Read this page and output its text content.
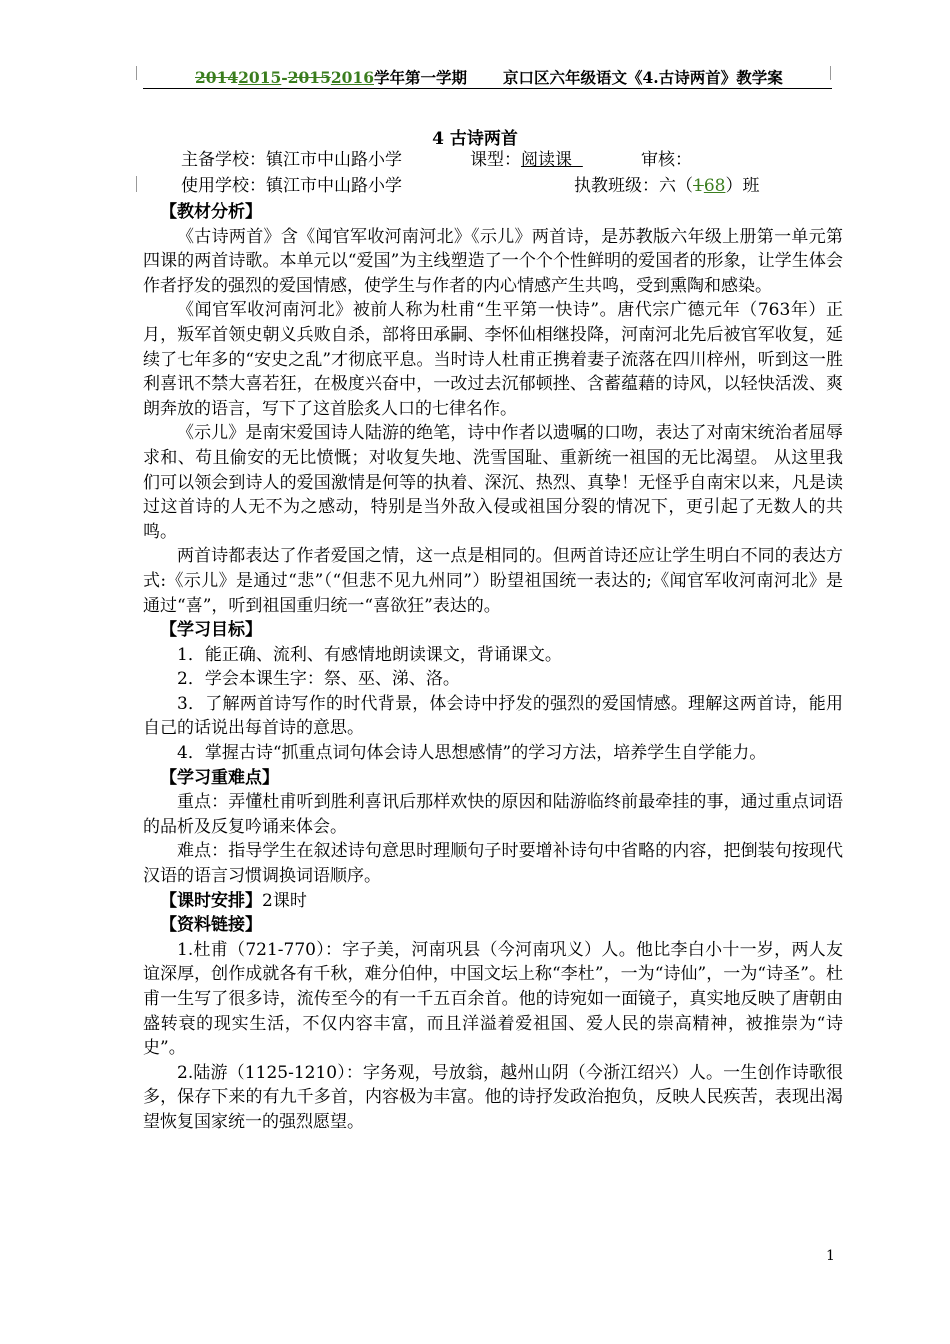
20142015-20152016学年第一学期 京口区六年级语文《4.古诗两首》教学案
4 古诗两首
主备学校：镇江市中山路小学	课型：阅读课	审核：
使用学校：镇江市中山路小学	执教班级：六（168）班
【教材分析】

《古诗两首》含《闻官军收河南河北》《示儿》两首诗，是苏教版六年级上册第一单元第四课的两首诗歌。本单元以“爱国”为主线塑造了一个个个性鲜明的爱国者的形象，让学生体会作者抒发的强烈的爱国情感，使学生与作者的内心情感产生共鸣，受到熏陶和感染。

《闻官军收河南河北》被前人称为杜甫“生平第一快诗”。唐代宗广德元年（763年）正月，叛军首领史朝义兵败自杀，部将田承嗣、李怀仙相继投降，河南河北先后被官军收复，延续了七年多的“安史之乱”才彻底平息。当时诗人杜甫正携着妻子流落在四川梓州，听到这一胜利喜讯不禁大喜若狂，在极度兴奋中，一改过去沉郁顿挫、含蓄蕴藉的诗风，以轻快活泼、爽朗奔放的语言，写下了这首脍炙人口的七律名作。

《示儿》是南宋爱国诗人陆游的绝笔，诗中作者以遗嘱的口吻，表达了对南宋统治者屈辱求和、苟且偷安的无比愤慨；对收复失地、洗雪国耻、重新统一祖国的无比渴望。 从这里我们可以领会到诗人的爱国激情是何等的执着、深沉、热烈、真挚！无怪乎自南宋以来，凡是读过这首诗的人无不为之感动，特别是当外敌入侵或祖国分裂的情况下，更引起了无数人的共鸣。

两首诗都表达了作者爱国之情，这一点是相同的。但两首诗还应让学生明白不同的表达方式:《示儿》是通过“悲”（“但悲不见九州同”）盼望祖国统一表达的;《闻官军收河南河北》是通过“喜”，听到祖国重归统一“喜欲狂”表达的。

【学习目标】

1．能正确、流利、有感情地朗读课文，背诵课文。

2．学会本课生字：祭、巫、涕、洛。

3．了解两首诗写作的时代背景，体会诗中抒发的强烈的爱国情感。理解这两首诗，能用自己的话说出每首诗的意思。

4．掌握古诗“抓重点词句体会诗人思想感情”的学习方法，培养学生自学能力。

【学习重难点】

重点：弄懂杜甫听到胜利喜讯后那样欢快的原因和陆游临终前最牵挂的事，通过重点词语的品析及反复吟诵来体会。

难点：指导学生在叙述诗句意思时理顺句子时要增补诗句中省略的内容，把倒装句按现代汉语的语言习惯调换词语顺序。

【课时安排】2课时
【资料链接】

1.杜甫（721-770）：字子美，河南巩县（今河南巩义）人。他比李白小十一岁，两人友谊深厚，创作成就各有千秋，难分伯仲，中国文坛上称“李杜”，一为“诗仙”，一为“诗圣”。杜甫一生写了很多诗，流传至今的有一千五百余首。他的诗宛如一面镜子，真实地反映了唐朝由盛转衰的现实生活，不仅内容丰富，而且洋溢着爱祖国、爱人民的崇高精神，被推崇为“诗史”。

2.陆游（1125-1210）：字务观，号放翁，越州山阴（今浙江绍兴）人。一生创作诗歌很多，保存下来的有九千多首，内容极为丰富。他的诗抒发政治抱负，反映人民疾苦，表现出渴望恢复国家统一的强烈愿望。

1
